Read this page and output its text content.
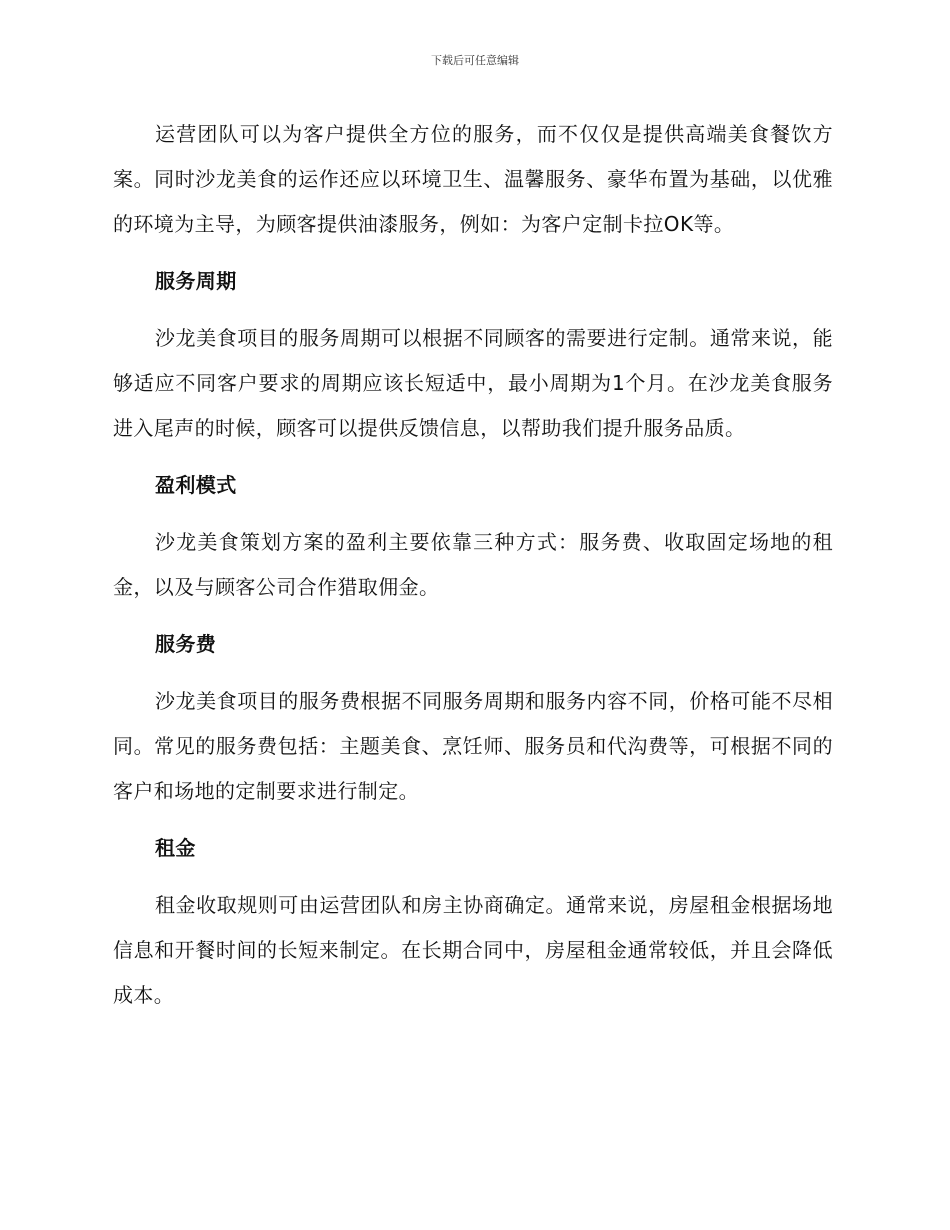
下载后可任意编辑

运营团队可以为客户提供全方位的服务，而不仅仅是提供高端美食餐饮方案。同时沙龙美食的运作还应以环境卫生、温馨服务、豪华布置为基础，以优雅的环境为主导，为顾客提供油漆服务，例如：为客户定制卡拉OK等。

服务周期

沙龙美食项目的服务周期可以根据不同顾客的需要进行定制。通常来说，能够适应不同客户要求的周期应该长短适中，最小周期为1个月。在沙龙美食服务进入尾声的时候，顾客可以提供反馈信息，以帮助我们提升服务品质。

盈利模式

沙龙美食策划方案的盈利主要依靠三种方式：服务费、收取固定场地的租金，以及与顾客公司合作猎取佣金。

服务费

沙龙美食项目的服务费根据不同服务周期和服务内容不同，价格可能不尽相同。常见的服务费包括：主题美食、烹饪师、服务员和代沟费等，可根据不同的客户和场地的定制要求进行制定。

租金

租金收取规则可由运营团队和房主协商确定。通常来说，房屋租金根据场地信息和开餐时间的长短来制定。在长期合同中，房屋租金通常较低，并且会降低成本。
